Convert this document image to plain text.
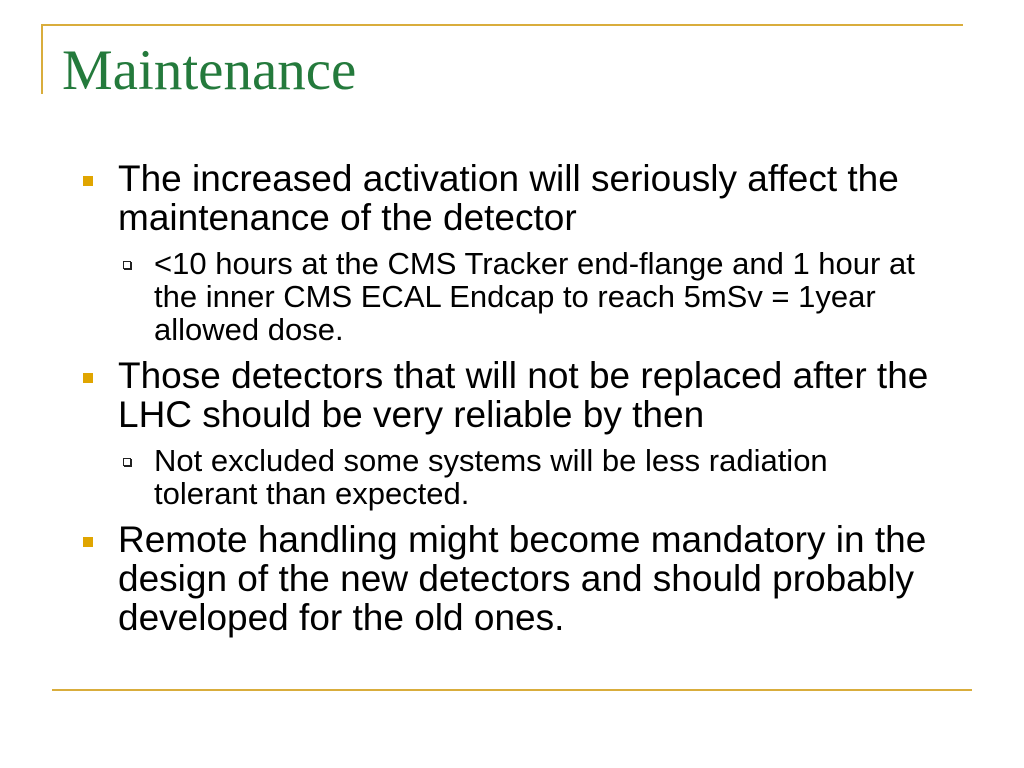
Maintenance
The increased activation will seriously affect the maintenance of the detector
<10 hours at the CMS Tracker end-flange and 1 hour at the inner CMS ECAL Endcap to reach 5mSv = 1year allowed dose.
Those detectors that will not be replaced after the LHC should be very reliable by then
Not excluded some systems will be less radiation tolerant than expected.
Remote handling might become mandatory in the design of the new detectors and should probably developed for the old ones.
